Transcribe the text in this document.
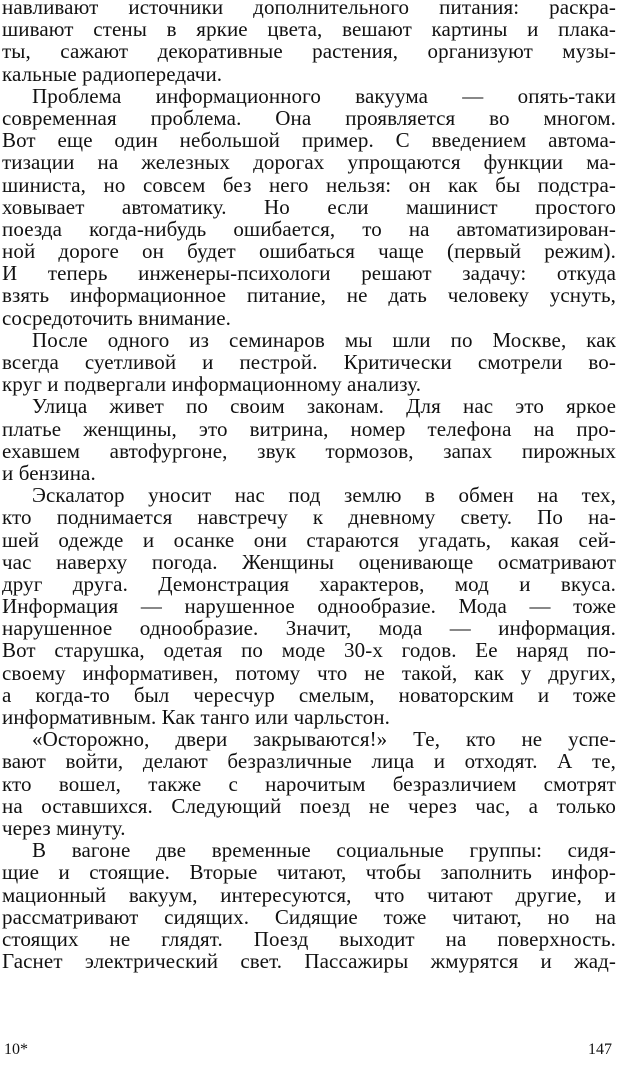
навливают источники дополнительного питания: раскра-
шивают стены в яркие цвета, вешают картины и плака-
ты, сажают декоративные растения, организуют музы-
кальные радиопередачи.
Проблема информационного вакуума — опять-таки
современная проблема. Она проявляется во многом.
Вот еще один небольшой пример. С введением автома-
тизации на железных дорогах упрощаются функции ма-
шиниста, но совсем без него нельзя: он как бы подстра-
ховывает автоматику. Но если машинист простого
поезда когда-нибудь ошибается, то на автоматизирован-
ной дороге он будет ошибаться чаще (первый режим).
И теперь инженеры-психологи решают задачу: откуда
взять информационное питание, не дать человеку уснуть,
сосредоточить внимание.
После одного из семинаров мы шли по Москве, как
всегда суетливой и пестрой. Критически смотрели во-
круг и подвергали информационному анализу.
Улица живет по своим законам. Для нас это яркое
платье женщины, это витрина, номер телефона на про-
ехавшем автофургоне, звук тормозов, запах пирожных
и бензина.
Эскалатор уносит нас под землю в обмен на тех,
кто поднимается навстречу к дневному свету. По на-
шей одежде и осанке они стараются угадать, какая сей-
час наверху погода. Женщины оценивающе осматривают
друг друга. Демонстрация характеров, мод и вкуса.
Информация — нарушенное однообразие. Мода — тоже
нарушенное однообразие. Значит, мода — информация.
Вот старушка, одетая по моде 30-х годов. Ее наряд по-
своему информативен, потому что не такой, как у других,
а когда-то был чересчур смелым, новаторским и тоже
информативным. Как танго или чарльстон.
«Осторожно, двери закрываются!» Те, кто не успе-
вают войти, делают безразличные лица и отходят. А те,
кто вошел, также с нарочитым безразличием смотрят
на оставшихся. Следующий поезд не через час, а только
через минуту.
В вагоне две временные социальные группы: сидя-
щие и стоящие. Вторые читают, чтобы заполнить инфор-
мационный вакуум, интересуются, что читают другие, и
рассматривают сидящих. Сидящие тоже читают, но на
стоящих не глядят. Поезд выходит на поверхность.
Гаснет электрический свет. Пассажиры жмурятся и жад-
10*	147
